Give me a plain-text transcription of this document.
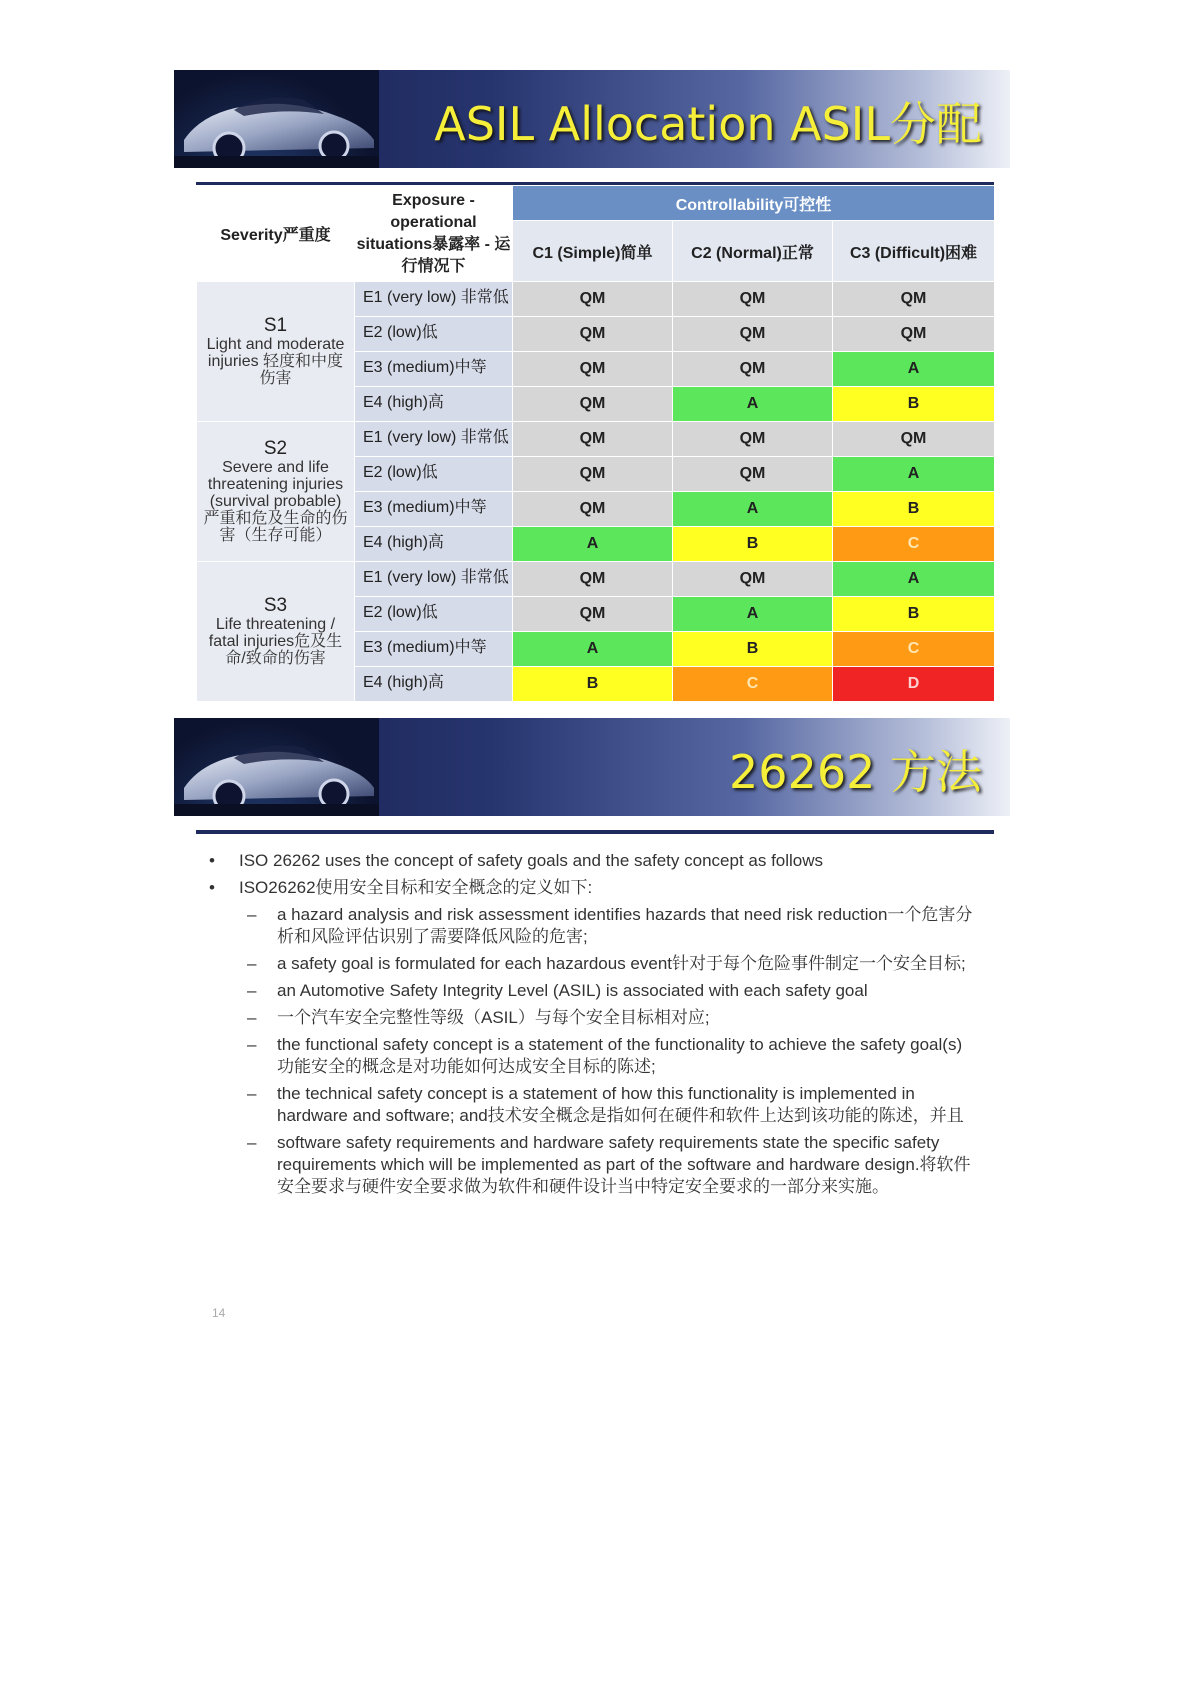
ASIL Allocation ASIL分配
Severity严重度	Exposure - operational situations暴露率 - 运行情况下	Controllability可控性		
		C1 (Simple)简单	C2 (Normal)正常	C3 (Difficult)困难

S1
Light and moderate injuries 轻度和中度伤害	E1 (very low) 非常低	QM	QM	QM
	E2 (low)低	QM	QM	QM
	E3 (medium)中等	QM	QM	A
	E4 (high)高	QM	A	B

S2
Severe and life threatening injuries (survival probable)严重和危及生命的伤害（生存可能）	E1 (very low) 非常低	QM	QM	QM
	E2 (low)低	QM	QM	A
	E3 (medium)中等	QM	A	B
	E4 (high)高	A	B	C

S3
Life threatening / fatal injuries危及生命/致命的伤害	E1 (very low) 非常低	QM	QM	A
	E2 (low)低	QM	A	B
	E3 (medium)中等	A	B	C
	E4 (high)高	B	C	D
26262 方法
• ISO 26262 uses the concept of safety goals and the safety concept as follows
• ISO26262使用安全目标和安全概念的定义如下:
– a hazard analysis and risk assessment identifies hazards that need risk reduction一个危害分析和风险评估识别了需要降低风险的危害;
– a safety goal is formulated for each hazardous event针对于每个危险事件制定一个安全目标;
– an Automotive Safety Integrity Level (ASIL) is associated with each safety goal
– 一个汽车安全完整性等级（ASIL）与每个安全目标相对应;
– the functional safety concept is a statement of the functionality to achieve the safety goal(s)功能安全的概念是对功能如何达成安全目标的陈述;
– the technical safety concept is a statement of how this functionality is implemented in hardware and software; and技术安全概念是指如何在硬件和软件上达到该功能的陈述，并且
– software safety requirements and hardware safety requirements state the specific safety requirements which will be implemented as part of the software and hardware design.将软件安全要求与硬件安全要求做为软件和硬件设计当中特定安全要求的一部分来实施。
14
